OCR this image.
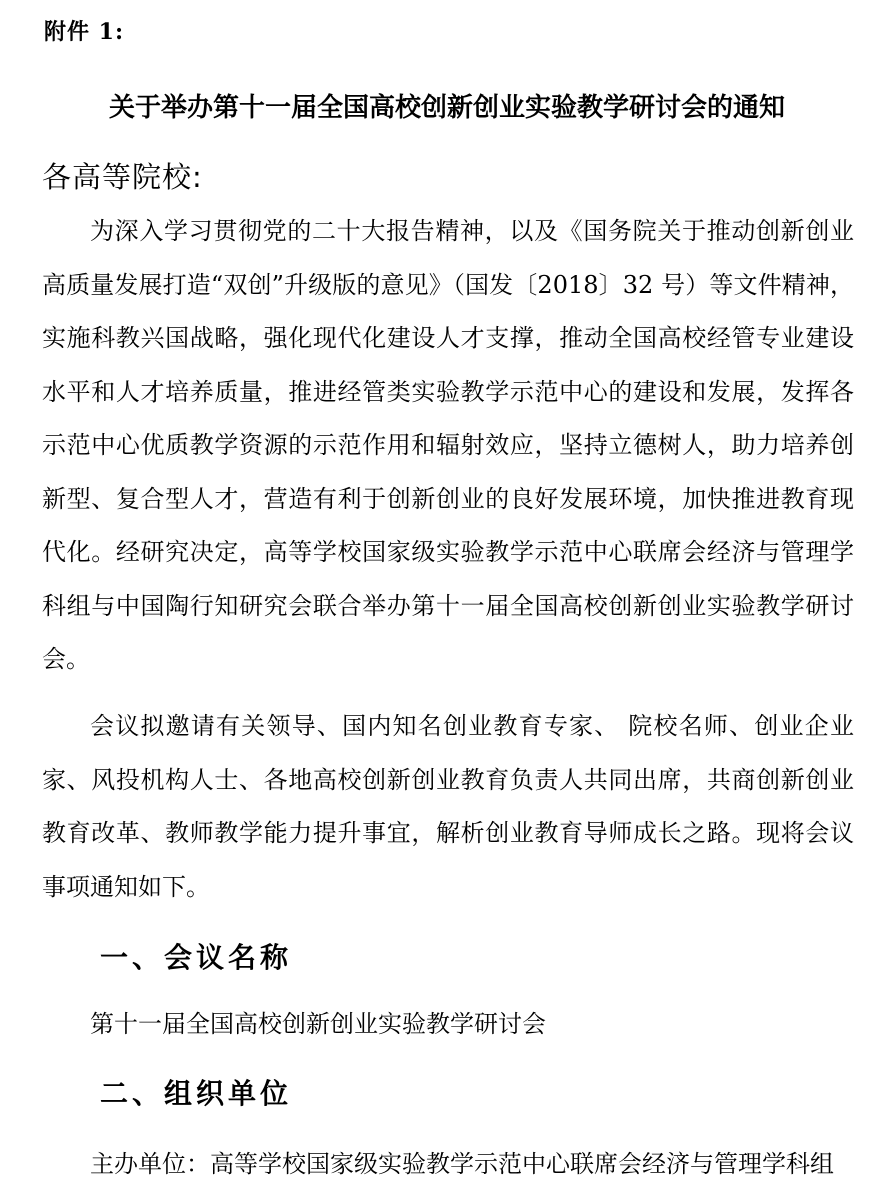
附件 1:
关于举办第十一届全国高校创新创业实验教学研讨会的通知
各高等院校:

为深入学习贯彻党的二十大报告精神，以及《国务院关于推动创新创业高质量发展打造“双创”升级版的意见》（国发〔2018〕32 号）等文件精神，实施科教兴国战略，强化现代化建设人才支撑，推动全国高校经管专业建设水平和人才培养质量，推进经管类实验教学示范中心的建设和发展，发挥各示范中心优质教学资源的示范作用和辐射效应，坚持立德树人，助力培养创新型、复合型人才，营造有利于创新创业的良好发展环境，加快推进教育现代化。经研究决定，高等学校国家级实验教学示范中心联席会经济与管理学科组与中国陶行知研究会联合举办第十一届全国高校创新创业实验教学研讨会。

会议拟邀请有关领导、国内知名创业教育专家、 院校名师、创业企业家、风投机构人士、各地高校创新创业教育负责人共同出席，共商创新创业教育改革、教师教学能力提升事宜，解析创业教育导师成长之路。现将会议事项通知如下。

一、会议名称
第十一届全国高校创新创业实验教学研讨会
二、组织单位
主办单位：高等学校国家级实验教学示范中心联席会经济与管理学科组
